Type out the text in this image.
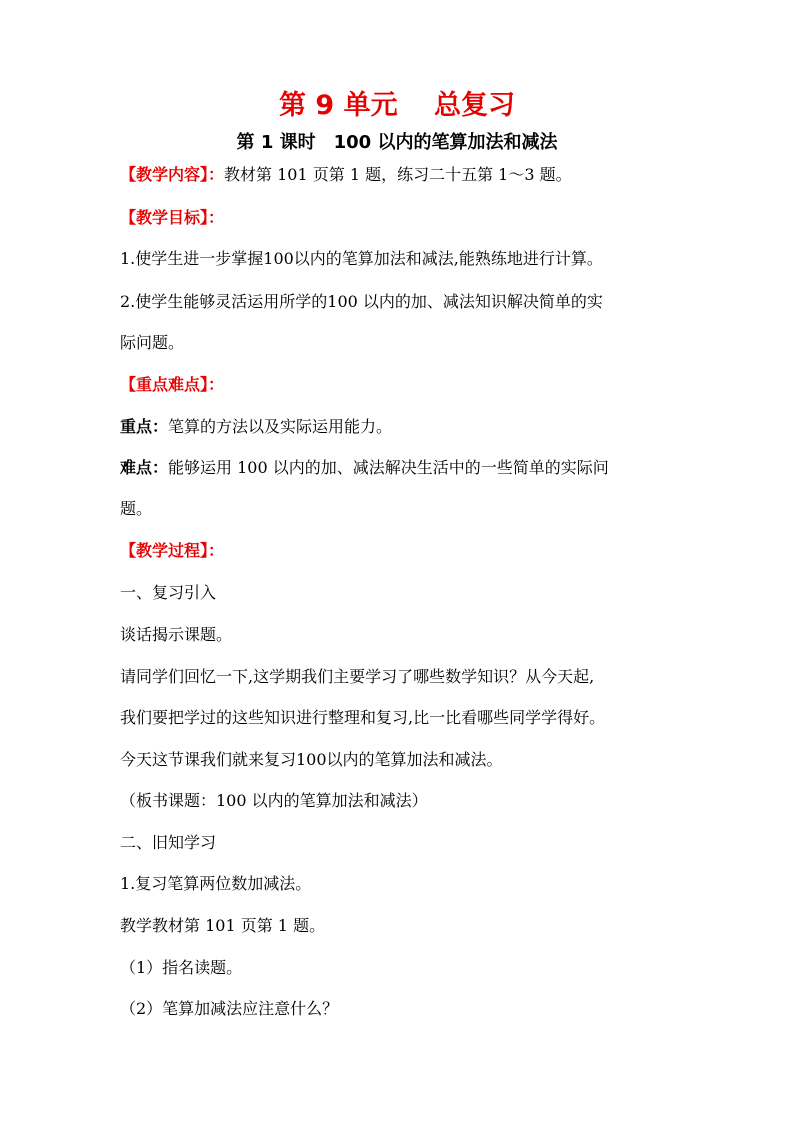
第 9 单元　 总复习
第 1 课时　100 以内的笔算加法和减法
【教学内容】：教材第 101 页第 1 题，练习二十五第 1～3 题。
【教学目标】：
1.使学生进一步掌握100以内的笔算加法和减法,能熟练地进行计算。
2.使学生能够灵活运用所学的100 以内的加、减法知识解决简单的实
际问题。
【重点难点】：
重点：笔算的方法以及实际运用能力。
难点：能够运用 100 以内的加、减法解决生活中的一些简单的实际问
题。
【教学过程】：
一、复习引入
谈话揭示课题。
请同学们回忆一下,这学期我们主要学习了哪些数学知识？从今天起,
我们要把学过的这些知识进行整理和复习,比一比看哪些同学学得好。
今天这节课我们就来复习100以内的笔算加法和减法。
（板书课题：100 以内的笔算加法和减法）
二、旧知学习
1.复习笔算两位数加减法。
教学教材第 101 页第 1 题。
（1）指名读题。
（2）笔算加减法应注意什么？
